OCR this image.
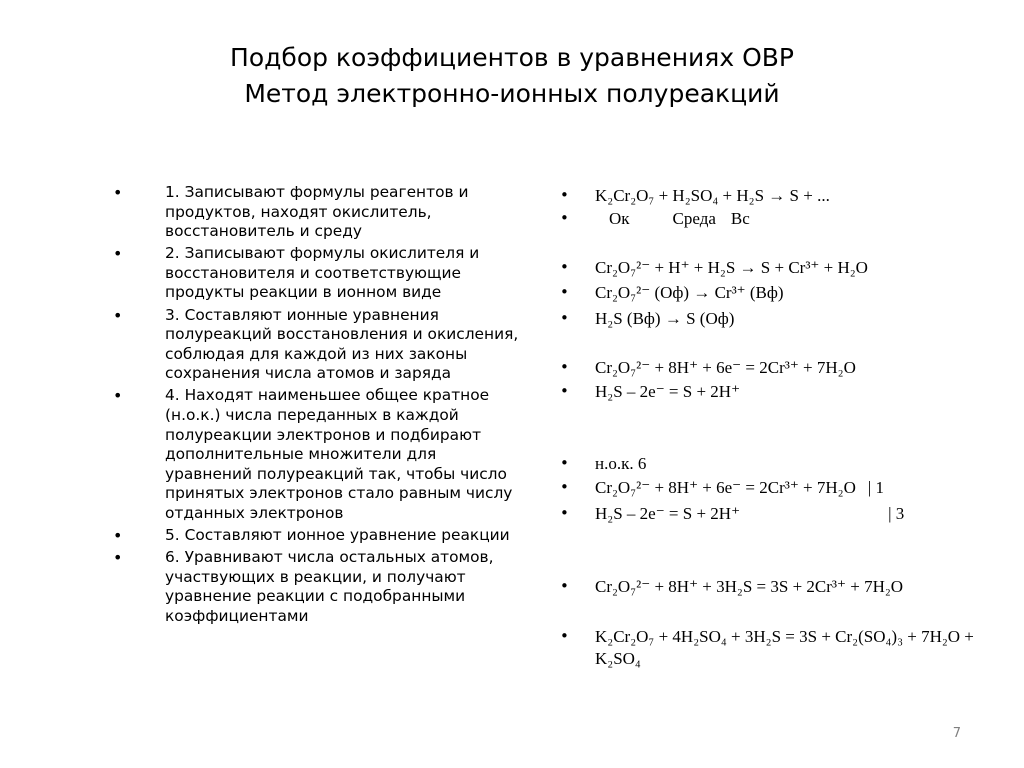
Подбор коэффициентов в уравнениях ОВР
Метод электронно-ионных полуреакций
•	1. Записывают формулы реагентов и продуктов, находят окислитель, восстановитель и среду
•	2. Записывают формулы окислителя и восстановителя и соответствующие продукты реакции в ионном виде
•	3. Составляют ионные уравнения полуреакций восстановления и окисления, соблюдая для каждой из них законы сохранения числа атомов и заряда
•	4. Находят наименьшее общее кратное (н.о.к.) числа переданных в каждой полуреакции электронов и подбирают дополнительные множители для уравнений полуреакций так, чтобы число принятых электронов стало равным числу отданных электронов
•	5. Составляют ионное уравнение реакции
•	6. Уравнивают числа остальных атомов, участвующих в реакции, и получают уравнение реакции с подобранными коэффициентами
• K₂Cr₂O₇ + H₂SO₄ + H₂S → S + ...
• Ок	Среда Вс
• Cr₂O₇²⁻ + H⁺ + H₂S → S + Cr³⁺ + H₂O
• Cr₂O₇²⁻ (Оф) → Cr³⁺ (Вф)
• H₂S (Вф) → S (Оф)
• Cr₂O₇²⁻ + 8H⁺ + 6e⁻ = 2Cr³⁺ + 7H₂O
• H₂S – 2e⁻ = S + 2H⁺
• н.о.к. 6
• Cr₂O₇²⁻ + 8H⁺ + 6e⁻ = 2Cr³⁺ + 7H₂O | 1
• H₂S – 2e⁻ = S + 2H⁺	| 3
• Cr₂O₇²⁻ + 8H⁺ + 3H₂S = 3S + 2Cr³⁺ + 7H₂O
• K₂Cr₂O₇ + 4H₂SO₄ + 3H₂S = 3S + Cr₂(SO₄)₃ + 7H₂O + K₂SO₄
7
